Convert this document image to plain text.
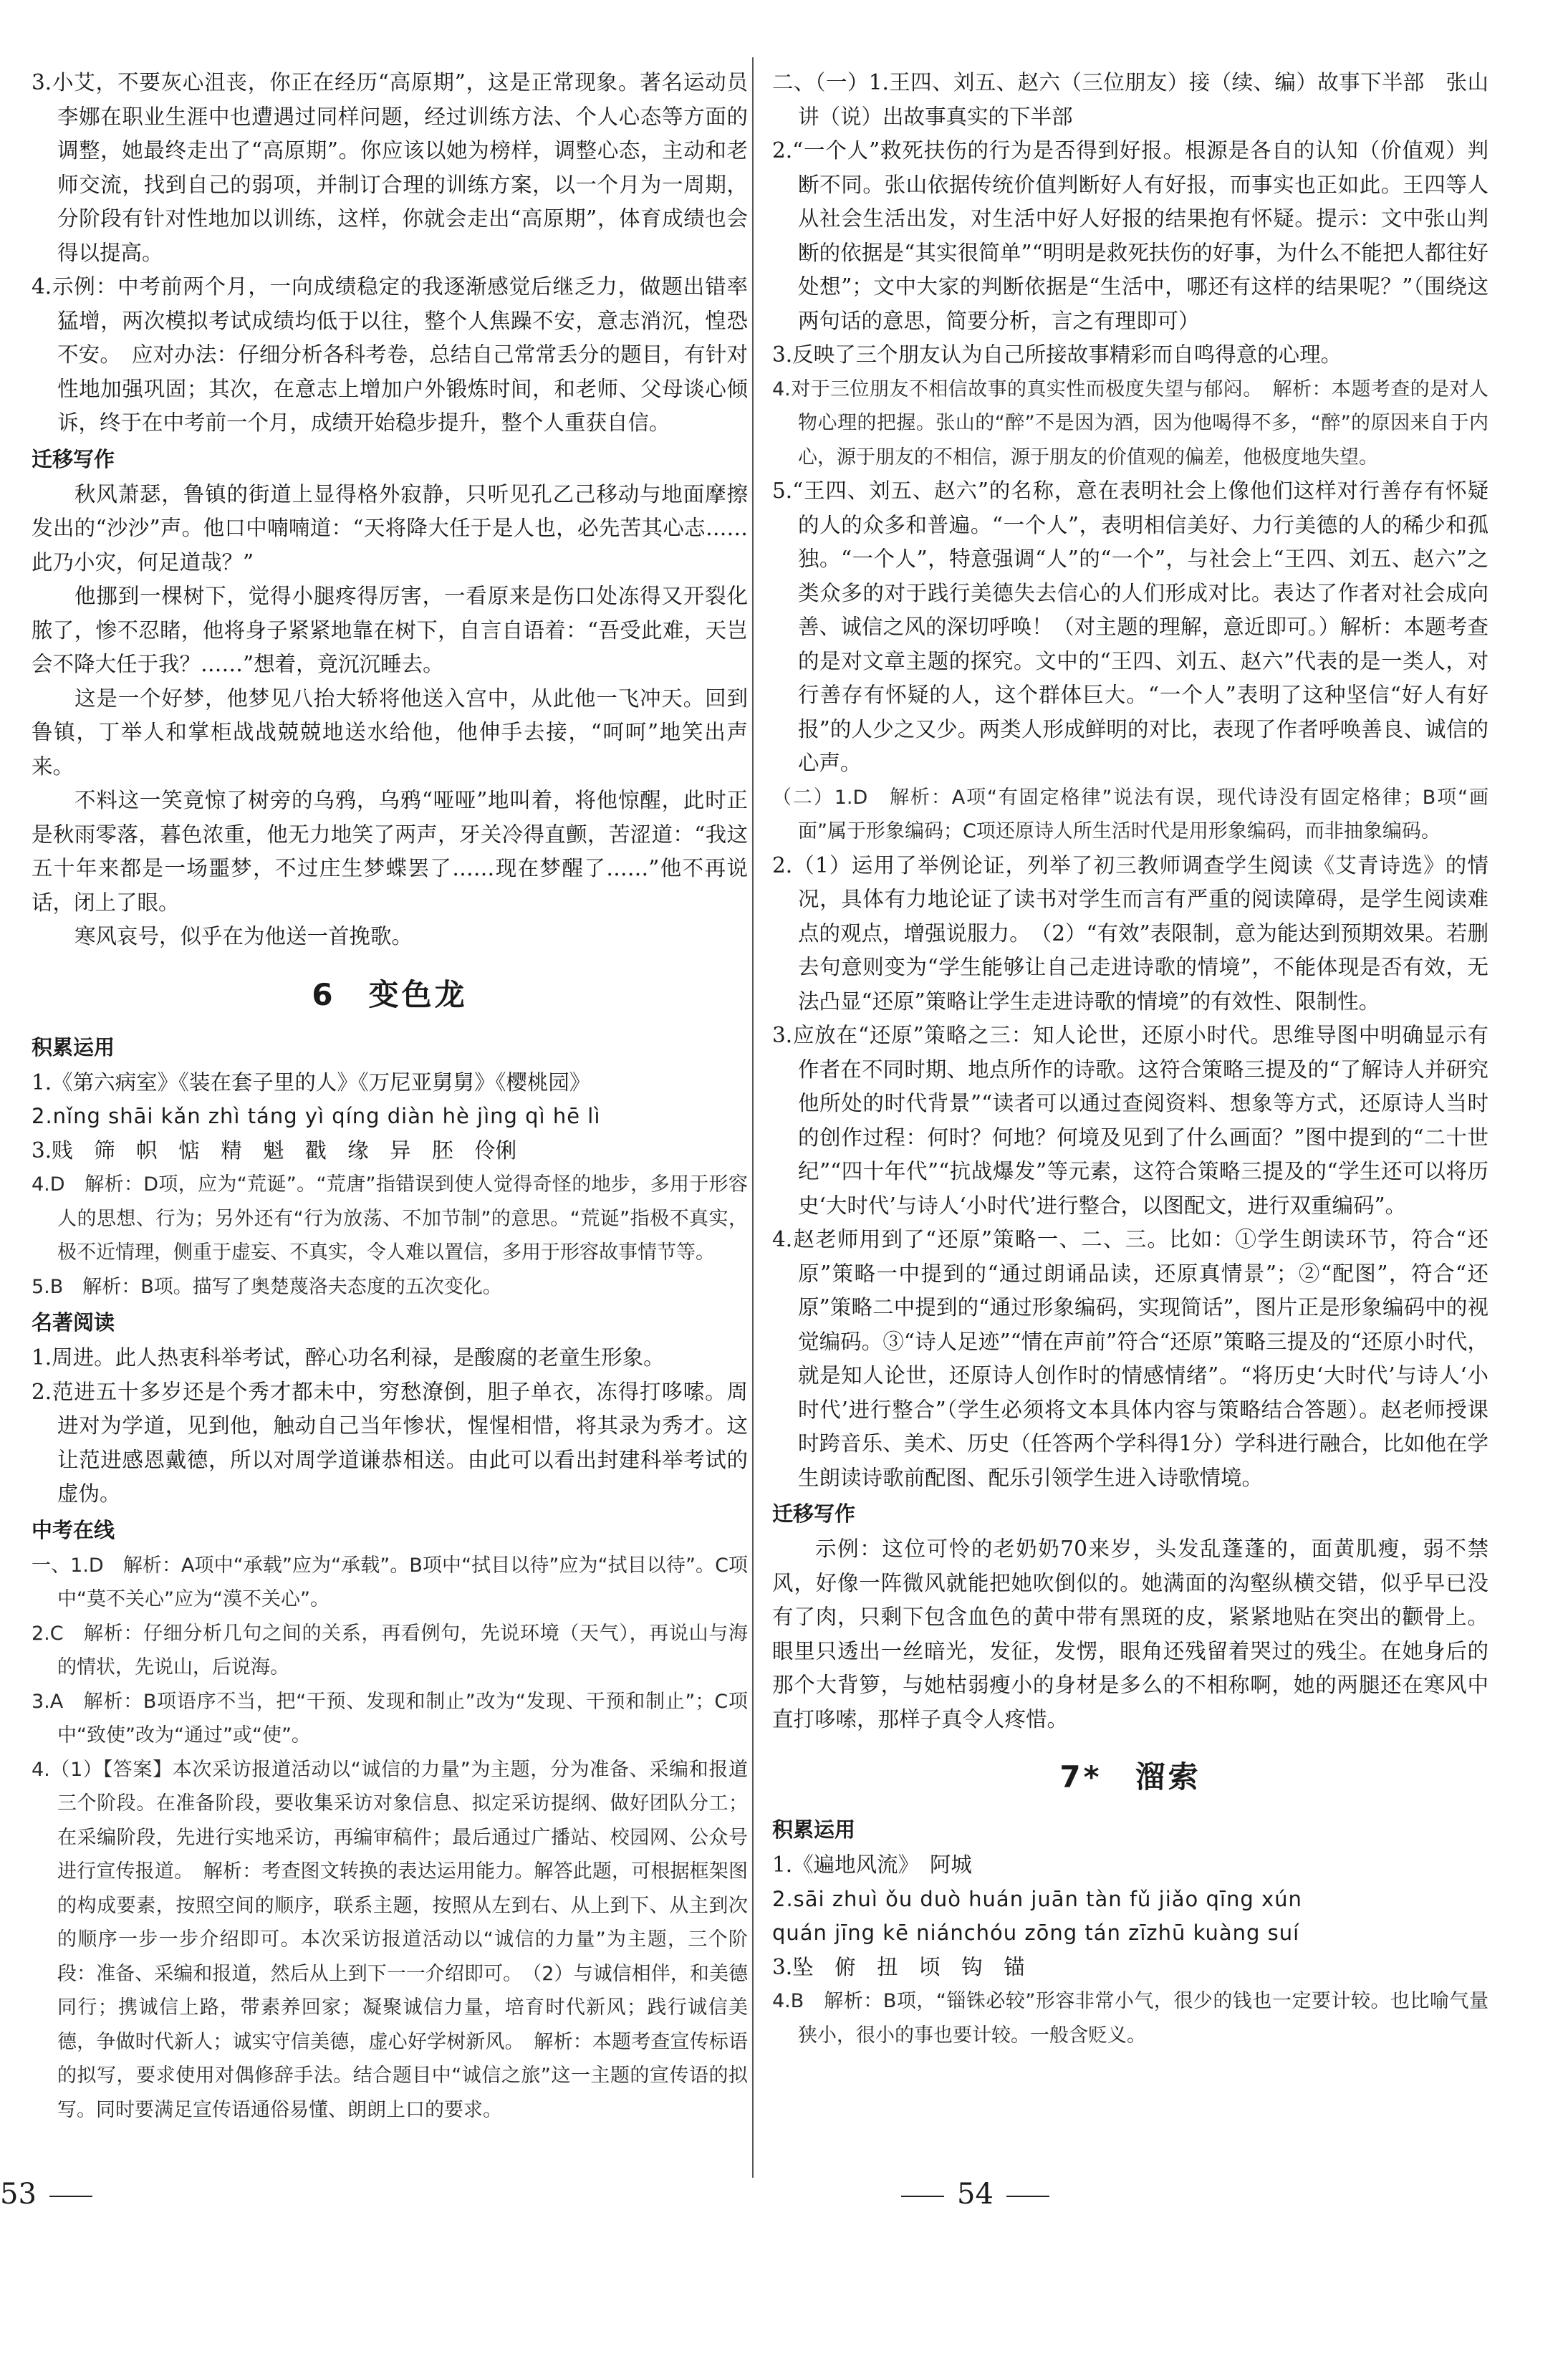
3.小艾，不要灰心沮丧，你正在经历“高原期”，这是正常现象。著名运动员李娜在职业生涯中也遭遇过同样问题，经过训练方法、个人心态等方面的调整，她最终走出了“高原期”。你应该以她为榜样，调整心态，主动和老师交流，找到自己的弱项，并制订合理的训练方案，以一个月为一周期，分阶段有针对性地加以训练，这样，你就会走出“高原期”，体育成绩也会得以提高。

4.示例：中考前两个月，一向成绩稳定的我逐渐感觉后继乏力，做题出错率猛增，两次模拟考试成绩均低于以往，整个人焦躁不安，意志消沉，惶恐不安。　应对办法：仔细分析各科考卷，总结自己常常丢分的题目，有针对性地加强巩固；其次，在意志上增加户外锻炼时间，和老师、父母谈心倾诉，终于在中考前一个月，成绩开始稳步提升，整个人重获自信。

迁移写作

秋风萧瑟，鲁镇的街道上显得格外寂静，只听见孔乙己移动与地面摩擦发出的“沙沙”声。他口中喃喃道：“天将降大任于是人也，必先苦其心志……此乃小灾，何足道哉？”

他挪到一棵树下，觉得小腿疼得厉害，一看原来是伤口处冻得又开裂化脓了，惨不忍睹，他将身子紧紧地靠在树下，自言自语着：“吾受此难，天岂会不降大任于我？……”想着，竟沉沉睡去。

这是一个好梦，他梦见八抬大轿将他送入宫中，从此他一飞冲天。回到鲁镇，丁举人和掌柜战战兢兢地送水给他，他伸手去接，“呵呵”地笑出声来。

不料这一笑竟惊了树旁的乌鸦，乌鸦“哑哑”地叫着，将他惊醒，此时正是秋雨零落，暮色浓重，他无力地笑了两声，牙关冷得直颤，苦涩道：“我这五十年来都是一场噩梦，不过庄生梦蝶罢了……现在梦醒了……”他不再说话，闭上了眼。

寒风哀号，似乎在为他送一首挽歌。

6　变色龙
积累运用

1.《第六病室》《装在套子里的人》《万尼亚舅舅》《樱桃园》

2.nǐng shāi kǎn zhì táng yì qíng diàn hè jìng qì hē lì

3.贱　筛　帜　惦　精　魁　戳　缘　异　胚　伶俐

4.D　解析：D项，应为“荒诞”。“荒唐”指错误到使人觉得奇怪的地步，多用于形容人的思想、行为；另外还有“行为放荡、不加节制”的意思。“荒诞”指极不真实，极不近情理，侧重于虚妄、不真实，令人难以置信，多用于形容故事情节等。

5.B　解析：B项。描写了奥楚蔑洛夫态度的五次变化。

名著阅读

1.周进。此人热衷科举考试，醉心功名利禄，是酸腐的老童生形象。

2.范进五十多岁还是个秀才都未中，穷愁潦倒，胆子单衣，冻得打哆嗦。周进对为学道，见到他，触动自己当年惨状，惺惺相惜，将其录为秀才。这让范进感恩戴德，所以对周学道谦恭相送。由此可以看出封建科举考试的虚伪。

中考在线

一、1.D　解析：A项中“承载”应为“承载”。B项中“拭目以待”应为“拭目以待”。C项中“莫不关心”应为“漠不关心”。

2.C　解析：仔细分析几句之间的关系，再看例句，先说环境（天气），再说山与海的情状，先说山，后说海。

3.A　解析：B项语序不当，把“干预、发现和制止”改为“发现、干预和制止”；C项中“致使”改为“通过”或“使”。

4.（1）【答案】本次采访报道活动以“诚信的力量”为主题，分为准备、采编和报道三个阶段。在准备阶段，要收集采访对象信息、拟定采访提纲、做好团队分工；在采编阶段，先进行实地采访，再编审稿件；最后通过广播站、校园网、公众号进行宣传报道。　解析：考查图文转换的表达运用能力。解答此题，可根据框架图的构成要素，按照空间的顺序，联系主题，按照从左到右、从上到下、从主到次的顺序一步一步介绍即可。本次采访报道活动以“诚信的力量”为主题，三个阶段：准备、采编和报道，然后从上到下一一介绍即可。　（2）与诚信相伴，和美德同行；携诚信上路，带素养回家；凝聚诚信力量，培育时代新风；践行诚信美德，争做时代新人；诚实守信美德，虚心好学树新风。　解析：本题考查宣传标语的拟写，要求使用对偶修辞手法。结合题目中“诚信之旅”这一主题的宣传语的拟写。同时要满足宣传语通俗易懂、朗朗上口的要求。

二、（一）1.王四、刘五、赵六（三位朋友）接（续、编）故事下半部　张山讲（说）出故事真实的下半部

2.“一个人”救死扶伤的行为是否得到好报。根源是各自的认知（价值观）判断不同。张山依据传统价值判断好人有好报，而事实也正如此。王四等人从社会生活出发，对生活中好人好报的结果抱有怀疑。提示：文中张山判断的依据是“其实很简单”“明明是救死扶伤的好事，为什么不能把人都往好处想”；文中大家的判断依据是“生活中，哪还有这样的结果呢？”（围绕这两句话的意思，简要分析，言之有理即可）

3.反映了三个朋友认为自己所接故事精彩而自鸣得意的心理。

4.对于三位朋友不相信故事的真实性而极度失望与郁闷。　解析：本题考查的是对人物心理的把握。张山的“醉”不是因为酒，因为他喝得不多，“醉”的原因来自于内心，源于朋友的不相信，源于朋友的价值观的偏差，他极度地失望。

5.“王四、刘五、赵六”的名称，意在表明社会上像他们这样对行善存有怀疑的人的众多和普遍。“一个人”，表明相信美好、力行美德的人的稀少和孤独。“一个人”，特意强调“人”的“一个”，与社会上“王四、刘五、赵六”之类众多的对于践行美德失去信心的人们形成对比。表达了作者对社会成向善、诚信之风的深切呼唤！（对主题的理解，意近即可。）解析：本题考查的是对文章主题的探究。文中的“王四、刘五、赵六”代表的是一类人，对行善存有怀疑的人，这个群体巨大。“一个人”表明了这种坚信“好人有好报”的人少之又少。两类人形成鲜明的对比，表现了作者呼唤善良、诚信的心声。

（二）1.D　解析：A项“有固定格律”说法有误，现代诗没有固定格律；B项“画面”属于形象编码；C项还原诗人所生活时代是用形象编码，而非抽象编码。

2.（1）运用了举例论证，列举了初三教师调查学生阅读《艾青诗选》的情况，具体有力地论证了读书对学生而言有严重的阅读障碍，是学生阅读难点的观点，增强说服力。　（2）“有效”表限制，意为能达到预期效果。若删去句意则变为“学生能够让自己走进诗歌的情境”，不能体现是否有效，无法凸显“还原”策略让学生走进诗歌的情境”的有效性、限制性。

3.应放在“还原”策略之三：知人论世，还原小时代。思维导图中明确显示有作者在不同时期、地点所作的诗歌。这符合策略三提及的“了解诗人并研究他所处的时代背景”“读者可以通过查阅资料、想象等方式，还原诗人当时的创作过程：何时？何地？何境及见到了什么画面？”图中提到的“二十世纪”“四十年代”“抗战爆发”等元素，这符合策略三提及的“学生还可以将历史‘大时代’与诗人‘小时代’进行整合，以图配文，进行双重编码”。

4.赵老师用到了“还原”策略一、二、三。比如：①学生朗读环节，符合“还原”策略一中提到的“通过朗诵品读，还原真情景”；②“配图”，符合“还原”策略二中提到的“通过形象编码，实现简话”，图片正是形象编码中的视觉编码。③“诗人足迹”“情在声前”符合“还原”策略三提及的“还原小时代，就是知人论世，还原诗人创作时的情感情绪”。“将历史‘大时代’与诗人‘小时代’进行整合”（学生必须将文本具体内容与策略结合答题）。赵老师授课时跨音乐、美术、历史（任答两个学科得1分）学科进行融合，比如他在学生朗读诗歌前配图、配乐引领学生进入诗歌情境。

迁移写作

示例：这位可怜的老奶奶70来岁，头发乱蓬蓬的，面黄肌瘦，弱不禁风，好像一阵微风就能把她吹倒似的。她满面的沟壑纵横交错，似乎早已没有了肉，只剩下包含血色的黄中带有黑斑的皮，紧紧地贴在突出的颧骨上。眼里只透出一丝暗光，发征，发愣，眼角还残留着哭过的残尘。在她身后的那个大背箩，与她枯弱瘦小的身材是多么的不相称啊，她的两腿还在寒风中直打哆嗦，那样子真令人疼惜。

7*　溜索
积累运用

1.《遍地风流》　阿城

2.sāi zhuì ǒu duò huán juān tàn fǔ jiǎo qīng xún

quán jīng kē niánchóu zōng tán zīzhū kuàng suí

3.坠　俯　扭　顷　钩　锚

4.B　解析：B项，“锱铢必较”形容非常小气，很少的钱也一定要计较。也比喻气量狭小，很小的事也要计较。一般含贬义。

53	54
